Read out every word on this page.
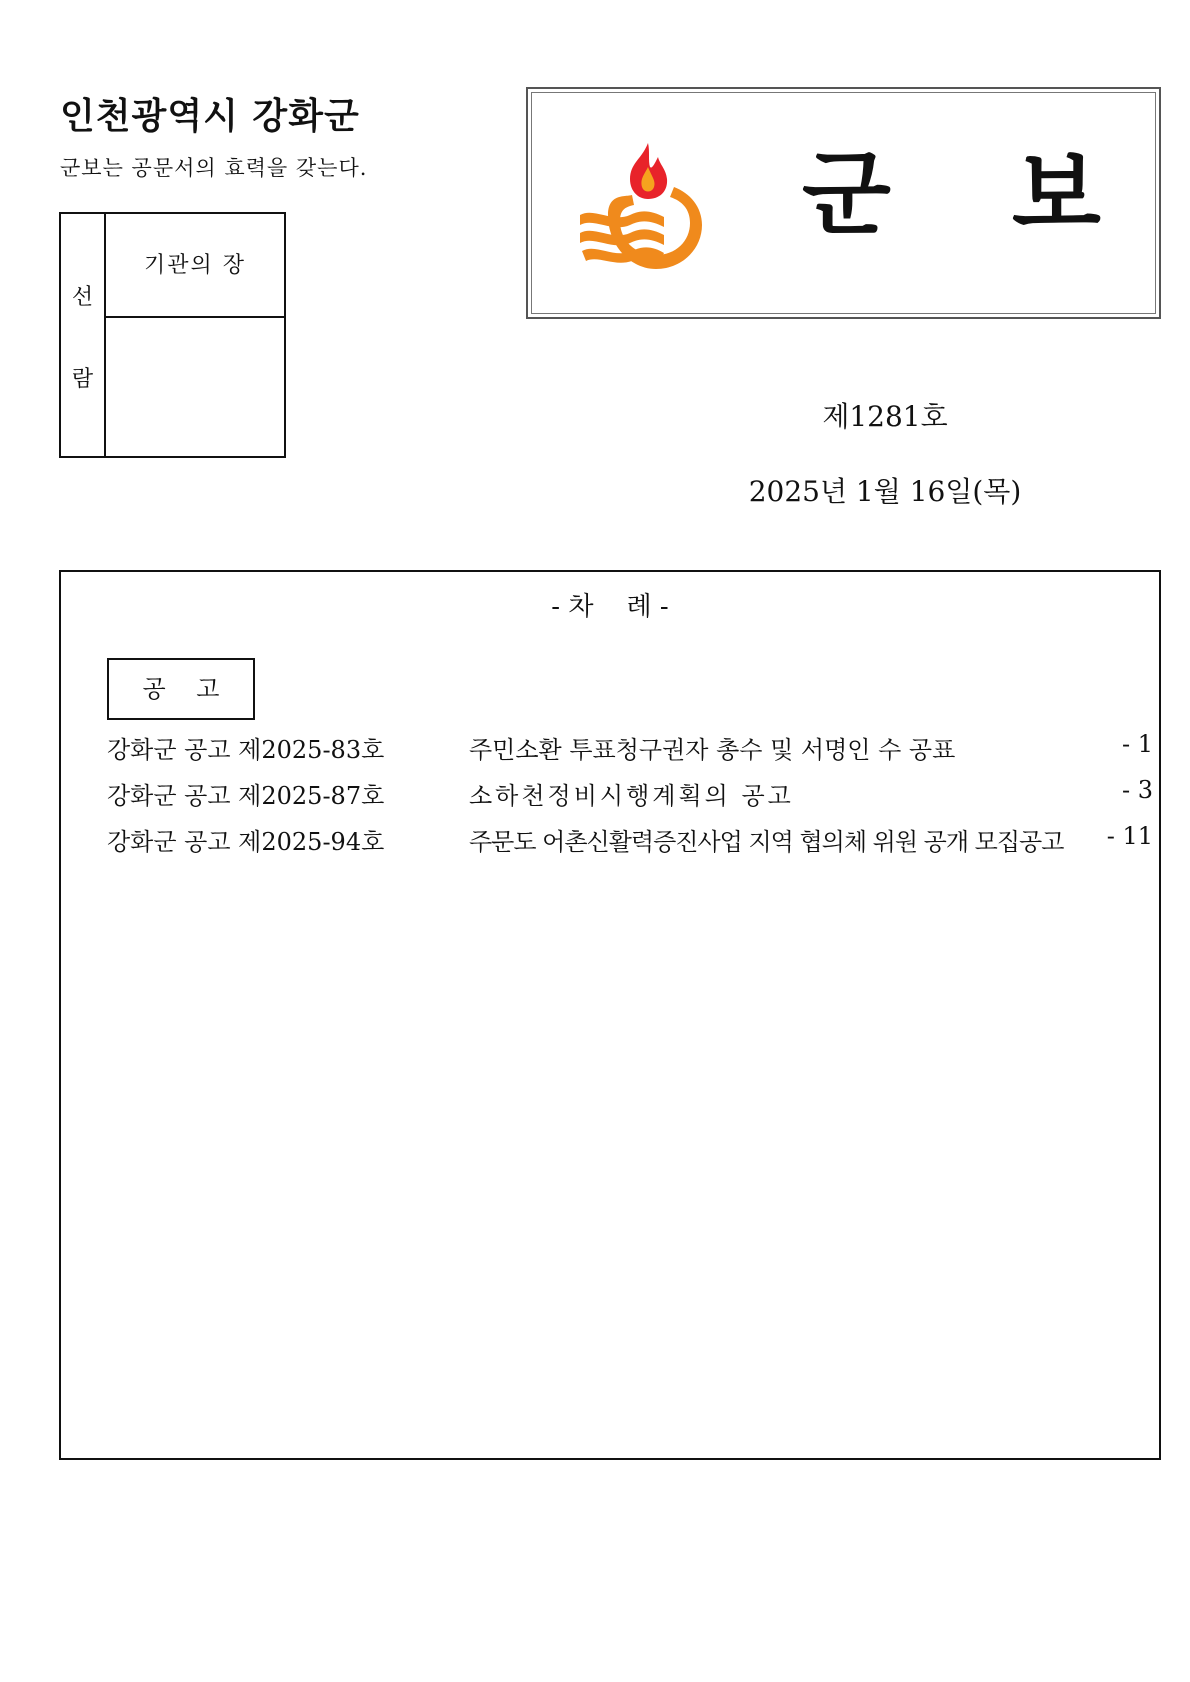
인천광역시 강화군
군보는 공문서의 효력을 갖는다.
선
람
기관의 장
군 보
제1281호
2025년 1월 16일(목)
- 차    례 -
공    고
강화군 공고 제2025-83호	주민소환 투표청구권자 총수 및 서명인 수 공표	- 1
강화군 공고 제2025-87호	소하천정비시행계획의 공고	- 3
강화군 공고 제2025-94호	주문도 어촌신활력증진사업 지역 협의체 위원 공개 모집공고 - 11
